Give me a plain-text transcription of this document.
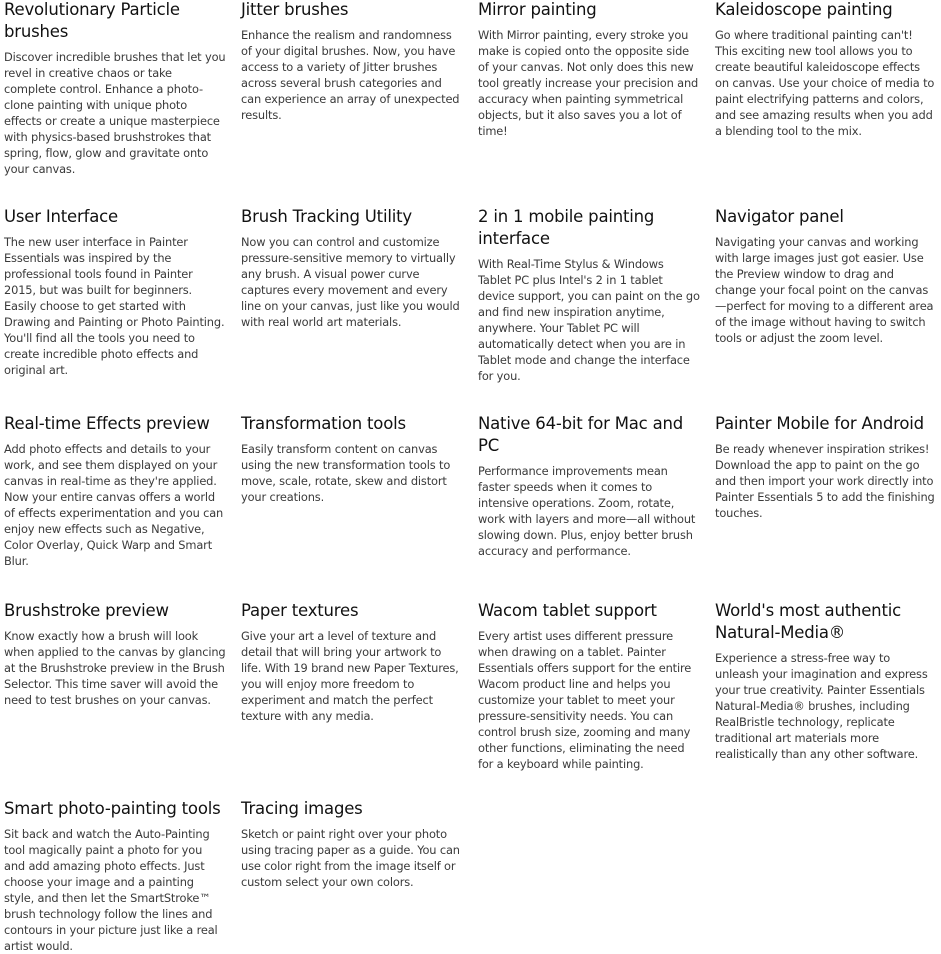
Revolutionary Particle brushes

Discover incredible brushes that let you revel in creative chaos or take complete control. Enhance a photo-clone painting with unique photo effects or create a unique masterpiece with physics-based brushstrokes that spring, flow, glow and gravitate onto your canvas.

Jitter brushes

Enhance the realism and randomness of your digital brushes. Now, you have access to a variety of Jitter brushes across several brush categories and can experience an array of unexpected results.

Mirror painting

With Mirror painting, every stroke you make is copied onto the opposite side of your canvas. Not only does this new tool greatly increase your precision and accuracy when painting symmetrical objects, but it also saves you a lot of time!

Kaleidoscope painting

Go where traditional painting can't! This exciting new tool allows you to create beautiful kaleidoscope effects on canvas. Use your choice of media to paint electrifying patterns and colors, and see amazing results when you add a blending tool to the mix.

User Interface

The new user interface in Painter Essentials was inspired by the professional tools found in Painter 2015, but was built for beginners. Easily choose to get started with Drawing and Painting or Photo Painting. You'll find all the tools you need to create incredible photo effects and original art.

Brush Tracking Utility

Now you can control and customize pressure-sensitive memory to virtually any brush. A visual power curve captures every movement and every line on your canvas, just like you would with real world art materials.

2 in 1 mobile painting interface

With Real-Time Stylus & Windows Tablet PC plus Intel's 2 in 1 tablet device support, you can paint on the go and find new inspiration anytime, anywhere. Your Tablet PC will automatically detect when you are in Tablet mode and change the interface for you.

Navigator panel

Navigating your canvas and working with large images just got easier. Use the Preview window to drag and change your focal point on the canvas—perfect for moving to a different area of the image without having to switch tools or adjust the zoom level.

Real-time Effects preview

Add photo effects and details to your work, and see them displayed on your canvas in real-time as they're applied. Now your entire canvas offers a world of effects experimentation and you can enjoy new effects such as Negative, Color Overlay, Quick Warp and Smart Blur.

Transformation tools

Easily transform content on canvas using the new transformation tools to move, scale, rotate, skew and distort your creations.

Native 64-bit for Mac and PC

Performance improvements mean faster speeds when it comes to intensive operations. Zoom, rotate, work with layers and more—all without slowing down. Plus, enjoy better brush accuracy and performance.

Painter Mobile for Android

Be ready whenever inspiration strikes! Download the app to paint on the go and then import your work directly into Painter Essentials 5 to add the finishing touches.

Brushstroke preview

Know exactly how a brush will look when applied to the canvas by glancing at the Brushstroke preview in the Brush Selector. This time saver will avoid the need to test brushes on your canvas.

Paper textures

Give your art a level of texture and detail that will bring your artwork to life. With 19 brand new Paper Textures, you will enjoy more freedom to experiment and match the perfect texture with any media.

Wacom tablet support

Every artist uses different pressure when drawing on a tablet. Painter Essentials offers support for the entire Wacom product line and helps you customize your tablet to meet your pressure-sensitivity needs. You can control brush size, zooming and many other functions, eliminating the need for a keyboard while painting.

World's most authentic Natural-Media®

Experience a stress-free way to unleash your imagination and express your true creativity. Painter Essentials Natural-Media® brushes, including RealBristle technology, replicate traditional art materials more realistically than any other software.

Smart photo-painting tools

Sit back and watch the Auto-Painting tool magically paint a photo for you and add amazing photo effects. Just choose your image and a painting style, and then let the SmartStroke™ brush technology follow the lines and contours in your picture just like a real artist would.

Tracing images

Sketch or paint right over your photo using tracing paper as a guide. You can use color right from the image itself or custom select your own colors.
